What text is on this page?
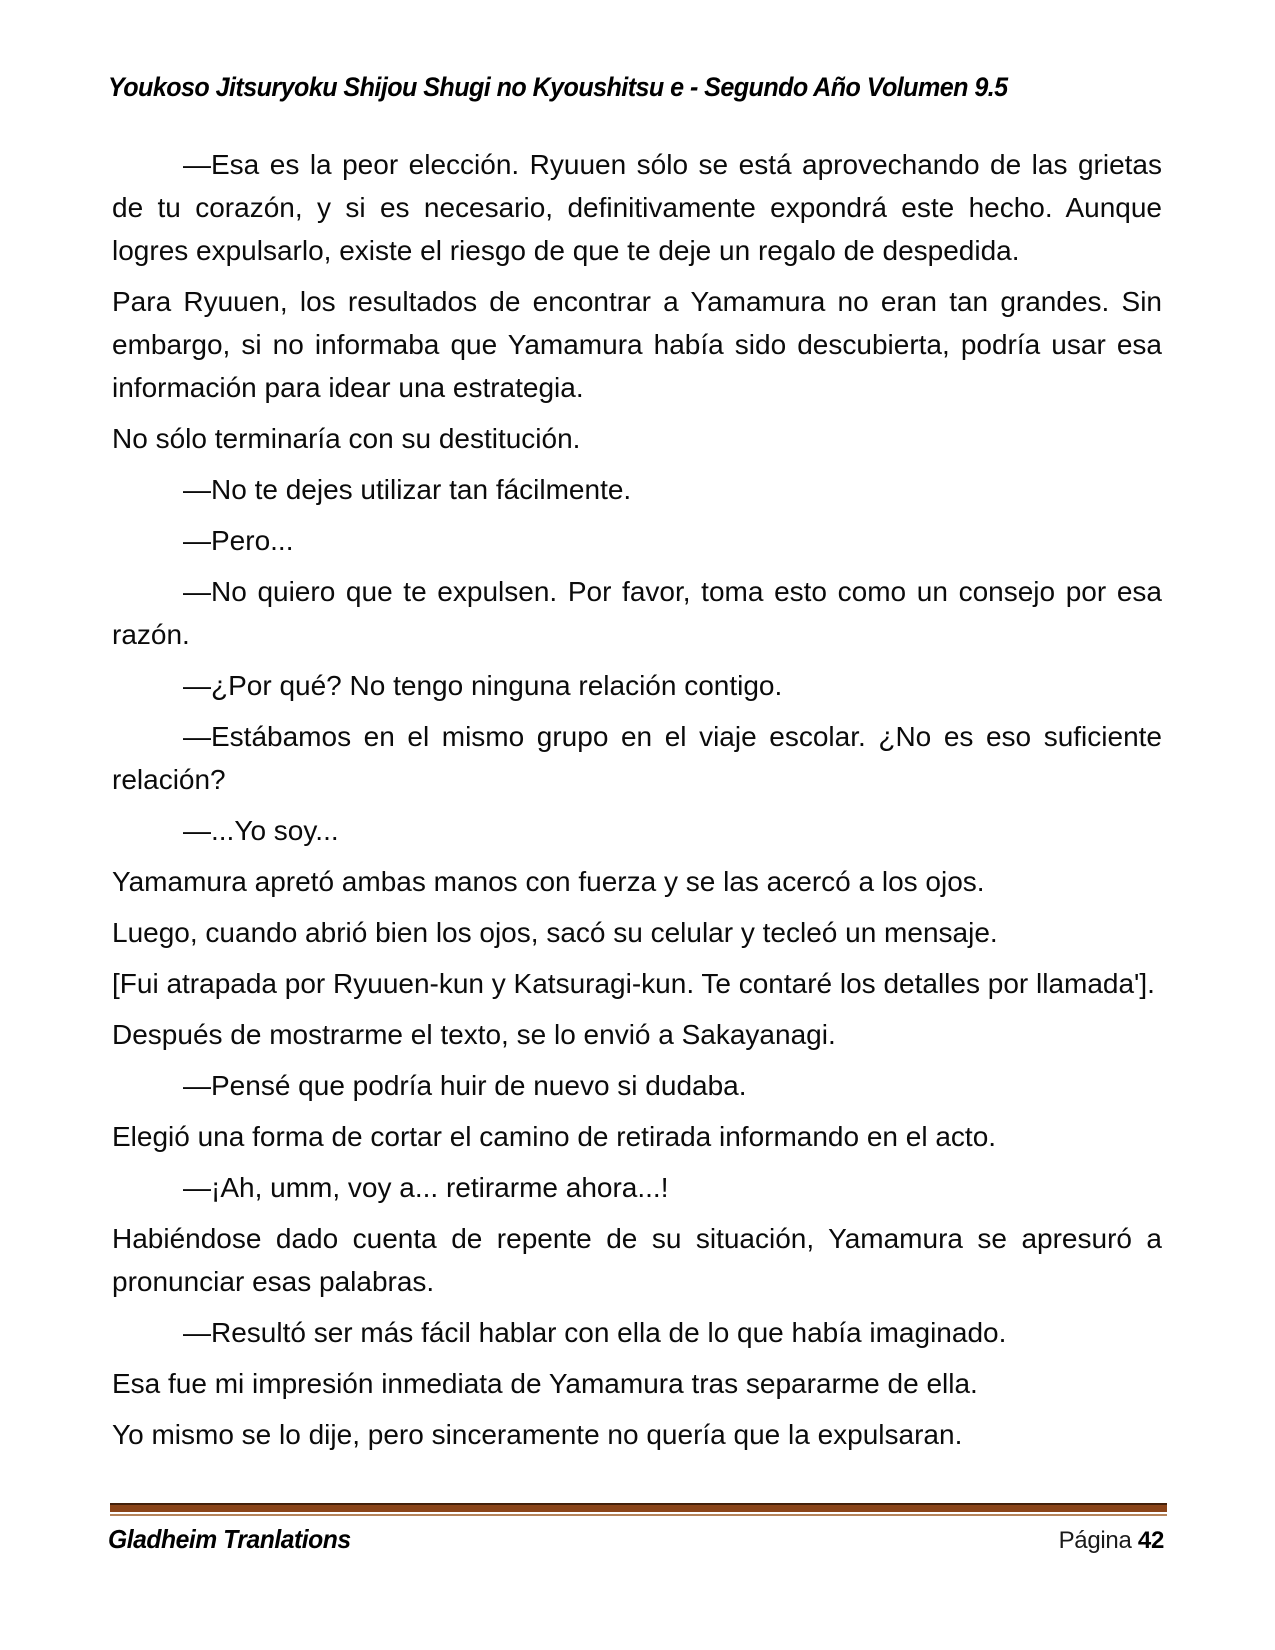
Youkoso Jitsuryoku Shijou Shugi no Kyoushitsu e - Segundo Año Volumen 9.5

—Esa es la peor elección. Ryuuen sólo se está aprovechando de las grietas de tu corazón, y si es necesario, definitivamente expondrá este hecho. Aunque logres expulsarlo, existe el riesgo de que te deje un regalo de despedida.

Para Ryuuen, los resultados de encontrar a Yamamura no eran tan grandes. Sin embargo, si no informaba que Yamamura había sido descubierta, podría usar esa información para idear una estrategia.

No sólo terminaría con su destitución.

—No te dejes utilizar tan fácilmente.

—Pero...

—No quiero que te expulsen. Por favor, toma esto como un consejo por esa razón.

—¿Por qué? No tengo ninguna relación contigo.

—Estábamos en el mismo grupo en el viaje escolar. ¿No es eso suficiente relación?

—...Yo soy...

Yamamura apretó ambas manos con fuerza y se las acercó a los ojos.

Luego, cuando abrió bien los ojos, sacó su celular y tecleó un mensaje.

[Fui atrapada por Ryuuen-kun y Katsuragi-kun. Te contaré los detalles por llamada'].

Después de mostrarme el texto, se lo envió a Sakayanagi.

—Pensé que podría huir de nuevo si dudaba.

Elegió una forma de cortar el camino de retirada informando en el acto.

—¡Ah, umm, voy a... retirarme ahora...!

Habiéndose dado cuenta de repente de su situación, Yamamura se apresuró a pronunciar esas palabras.

—Resultó ser más fácil hablar con ella de lo que había imaginado.

Esa fue mi impresión inmediata de Yamamura tras separarme de ella.

Yo mismo se lo dije, pero sinceramente no quería que la expulsaran.

Gladheim Tranlations	Página 42
